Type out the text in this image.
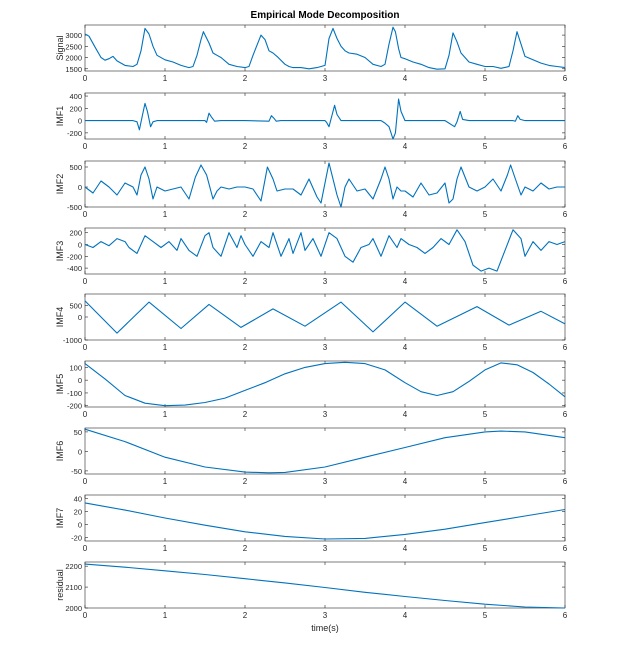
Empirical Mode Decomposition
0	1	2	3	4	5	6
1500
2000
2500
3000
Signal
0	1	2	3	4	5	6
-200
0
200
400
IMF1
0	1	2	3	4	5	6
-500
0
500
IMF2
0	1	2	3	4	5	6
-400
-200
0
200
IMF3
0	1	2	3	4	5	6
-1000
0
500
IMF4
0	1	2	3	4	5	6
-200
-100
0
100
IMF5
0	1	2	3	4	5	6
-50
0
50
IMF6
0	1	2	3	4	5	6
-20
0
20
40
IMF7
0	1	2	3	4	5	6
2000
2100
2200
residual
time(s)
